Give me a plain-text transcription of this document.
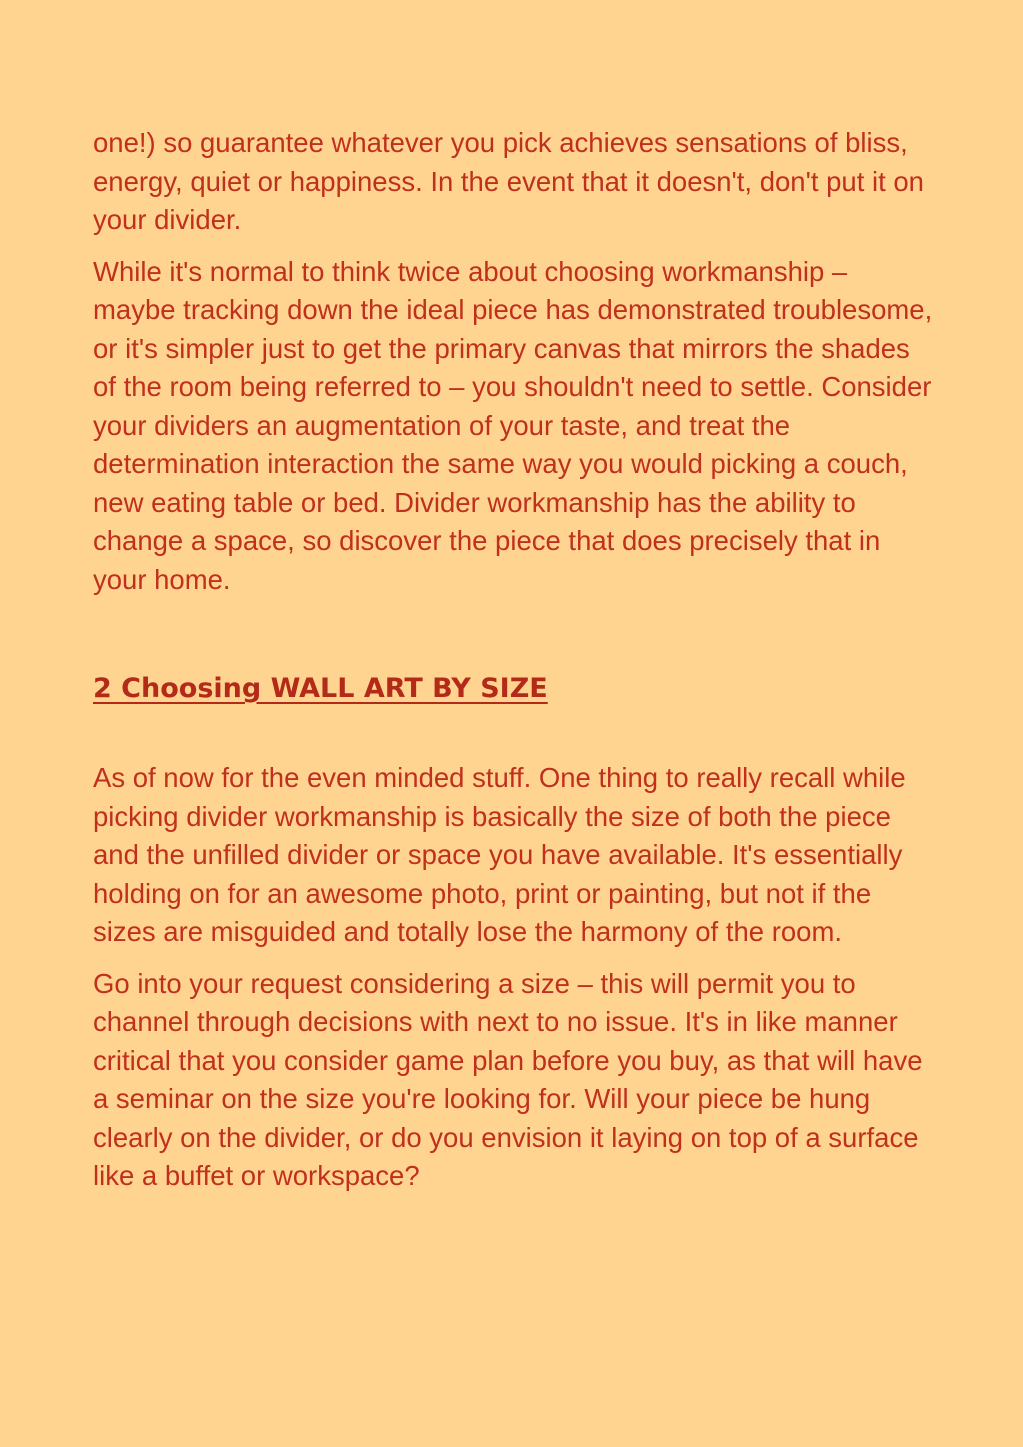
one!) so guarantee whatever you pick achieves sensations of bliss, energy, quiet or happiness. In the event that it doesn't, don't put it on your divider.

While it's normal to think twice about choosing workmanship – maybe tracking down the ideal piece has demonstrated troublesome, or it's simpler just to get the primary canvas that mirrors the shades of the room being referred to – you shouldn't need to settle. Consider your dividers an augmentation of your taste, and treat the determination interaction the same way you would picking a couch, new eating table or bed. Divider workmanship has the ability to change a space, so discover the piece that does precisely that in your home.

2 Choosing WALL ART BY SIZE

As of now for the even minded stuff. One thing to really recall while picking divider workmanship is basically the size of both the piece and the unfilled divider or space you have available. It's essentially holding on for an awesome photo, print or painting, but not if the sizes are misguided and totally lose the harmony of the room.

Go into your request considering a size – this will permit you to channel through decisions with next to no issue. It's in like manner critical that you consider game plan before you buy, as that will have a seminar on the size you're looking for. Will your piece be hung clearly on the divider, or do you envision it laying on top of a surface like a buffet or workspace?
